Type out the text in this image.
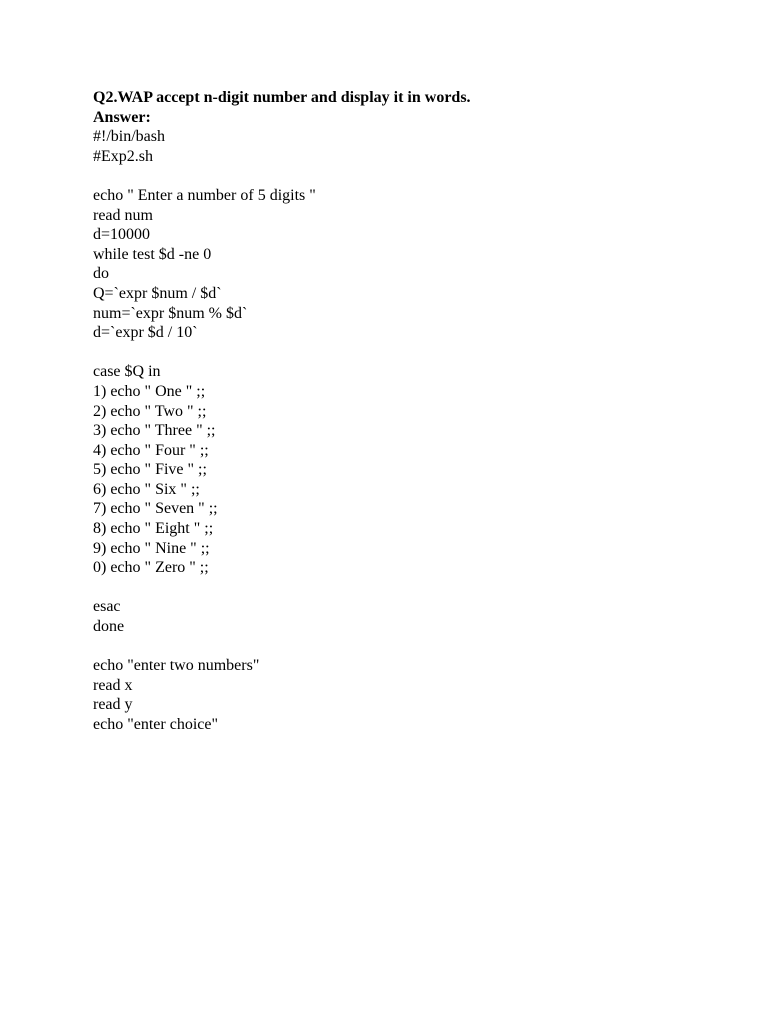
Q2.WAP accept n-digit number and display it in words.
Answer:
#!/bin/bash
#Exp2.sh
echo " Enter a number of 5 digits "
read num
d=10000
while test $d -ne 0
do
Q=`expr $num / $d`
num=`expr $num % $d`
d=`expr $d / 10`
case $Q in
1) echo " One " ;;
2) echo " Two " ;;
3) echo " Three " ;;
4) echo " Four " ;;
5) echo " Five " ;;
6) echo " Six " ;;
7) echo " Seven " ;;
8) echo " Eight " ;;
9) echo " Nine " ;;
0) echo " Zero " ;;
esac
done
echo "enter two numbers"
read x
read y
echo "enter choice"
